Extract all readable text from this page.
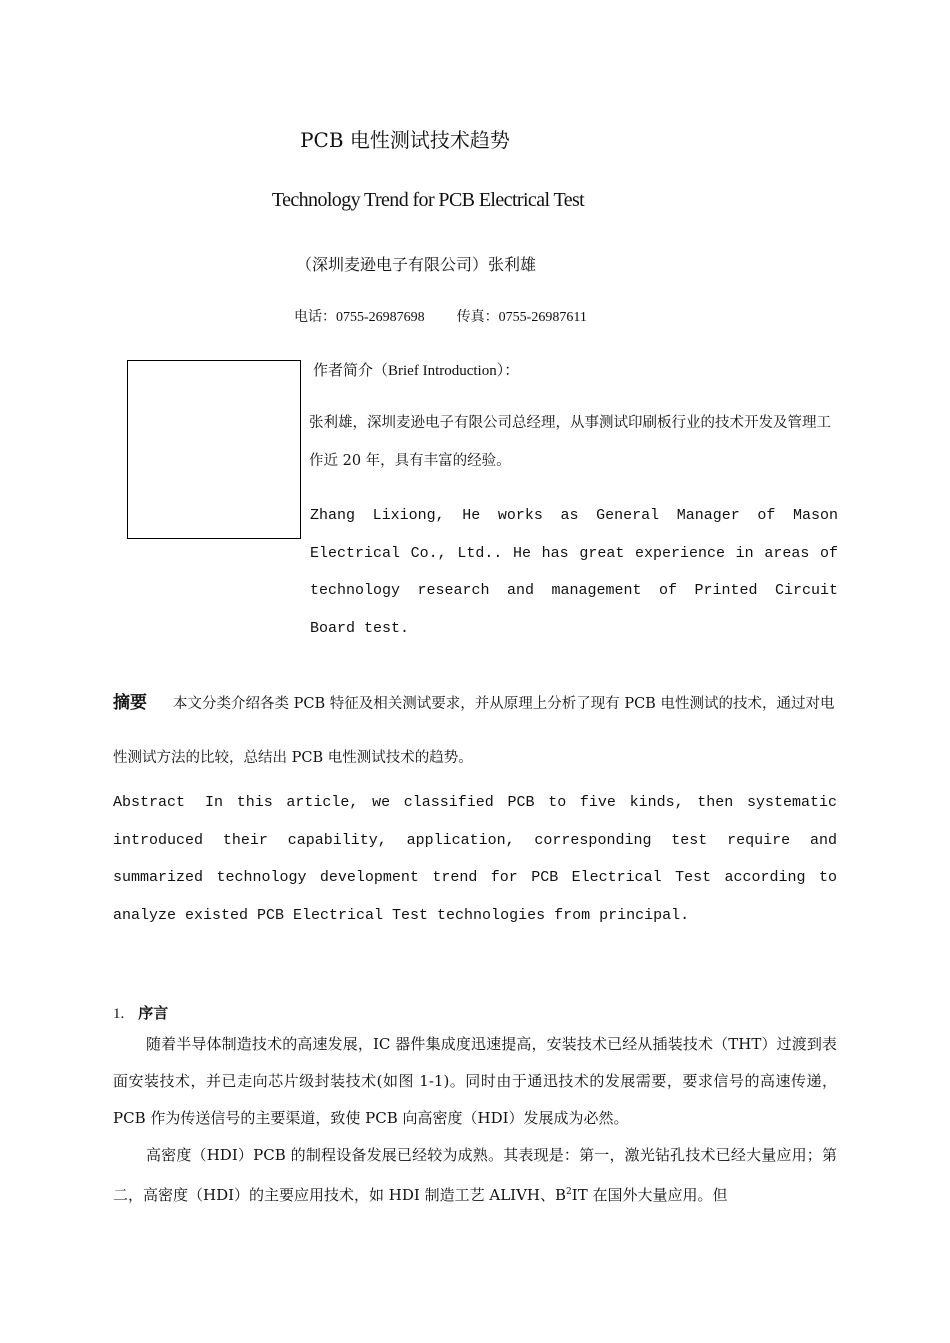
PCB 电性测试技术趋势
Technology Trend for PCB Electrical Test
（深圳麦逊电子有限公司）张利雄
电话：0755-26987698 传真：0755-26987611
作者简介（Brief Introduction）：
张利雄，深圳麦逊电子有限公司总经理，从事测试印刷板行业的技术开发及管理工作近 20 年，具有丰富的经验。
Zhang Lixiong, He works as General Manager of Mason Electrical Co., Ltd.. He has great experience in areas of technology research and management of Printed Circuit Board test.
摘要 本文分类介绍各类 PCB 特征及相关测试要求，并从原理上分析了现有 PCB 电性测试的技术，通过对电性测试方法的比较，总结出 PCB 电性测试技术的趋势。
Abstract In this article, we classified PCB to five kinds, then systematic introduced their capability, application, corresponding test require and summarized technology development trend for PCB Electrical Test according to analyze existed PCB Electrical Test technologies from principal.
1. 序言
随着半导体制造技术的高速发展，IC 器件集成度迅速提高，安装技术已经从插装技术（THT）过渡到表面安装技术，并已走向芯片级封装技术(如图 1-1)。同时由于通迅技术的发展需要，要求信号的高速传递，PCB 作为传送信号的主要渠道，致使 PCB 向高密度（HDI）发展成为必然。
高密度（HDI）PCB 的制程设备发展已经较为成熟。其表现是：第一，激光钻孔技术已经大量应用；第二，高密度（HDI）的主要应用技术，如 HDI 制造工艺 ALIVH、$B^2IT$ 在国外大量应用。但
